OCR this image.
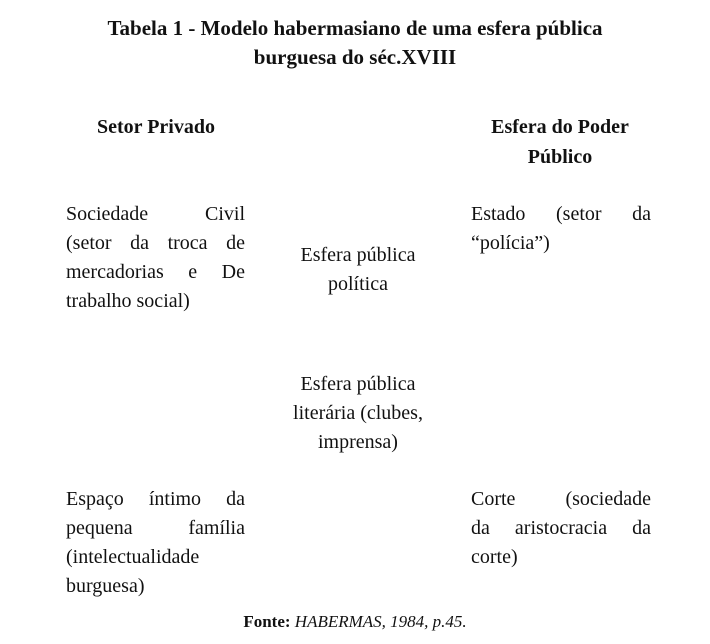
Tabela 1 - Modelo habermasiano de uma esfera pública
burguesa do séc.XVIII
Setor Privado	Esfera do Poder
Público
Sociedade Civil
(setor da troca de
mercadorias e De
trabalho social)
Estado (setor da
“polícia”)
Esfera pública
política
Esfera pública
literária (clubes,
imprensa)
Espaço íntimo da
pequena família
(intelectualidade
burguesa)
Corte (sociedade
da aristocracia da
corte)
Fonte: HABERMAS, 1984, p.45.
